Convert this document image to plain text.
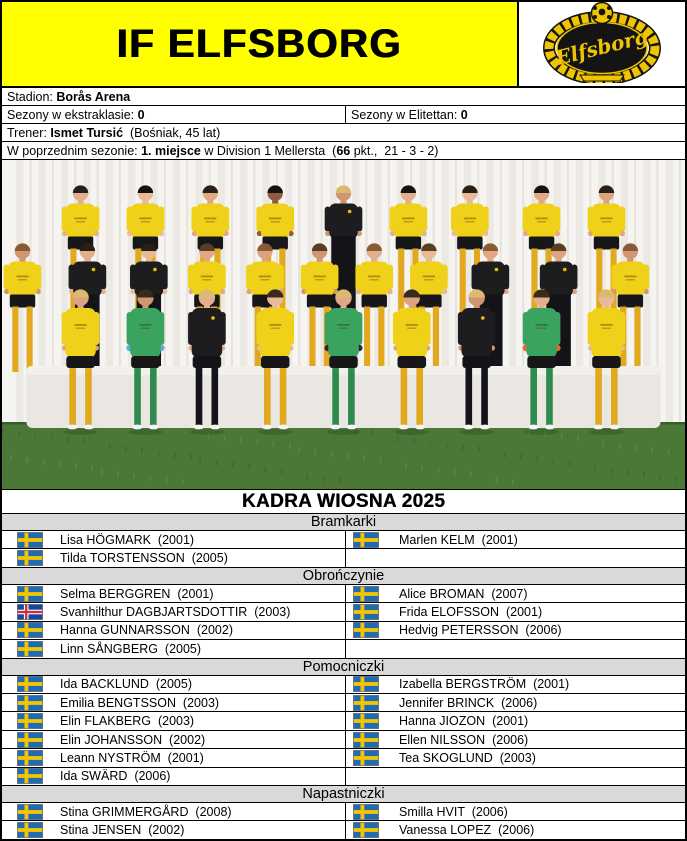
IF ELFSBORG	Elfsborg
Stadion: Borås Arena
Sezony w ekstraklasie: 0	Sezony w Elitettan: 0
Trener: Ismet Tursić (Bośniak, 45 lat)
W poprzednim sezonie: 1. miejsce w Division 1 Mellersta  ( 66 pkt.,  21 - 3 - 2)
KADRA WIOSNA 2025
Bramkarki
Lisa HÖGMARK  (2001)	Marlen KELM  (2001)
Tilda TORSTENSSON  (2005)
Obrończynie
Selma BERGGREN  (2001)	Alice BROMAN  (2007)
Svanhilthur DAGBJARTSDOTTIR  (2003)	Frida ELOFSSON  (2001)
Hanna GUNNARSSON  (2002)	Hedvig PETERSSON  (2006)
Linn SÅNGBERG  (2005)
Pomocniczki
Ida BACKLUND  (2005)	Izabella BERGSTRÖM  (2001)
Emilia BENGTSSON  (2003)	Jennifer BRINCK  (2006)
Elin FLAKBERG  (2003)	Hanna JIOZON  (2001)
Elin JOHANSSON  (2002)	Ellen NILSSON  (2006)
Leann NYSTRÖM  (2001)	Tea SKOGLUND  (2003)
Ida SWÄRD  (2006)
Napastniczki
Stina GRIMMERGÅRD  (2008)	Smilla HVIT  (2006)
Stina JENSEN  (2002)	Vanessa LOPEZ  (2006)
